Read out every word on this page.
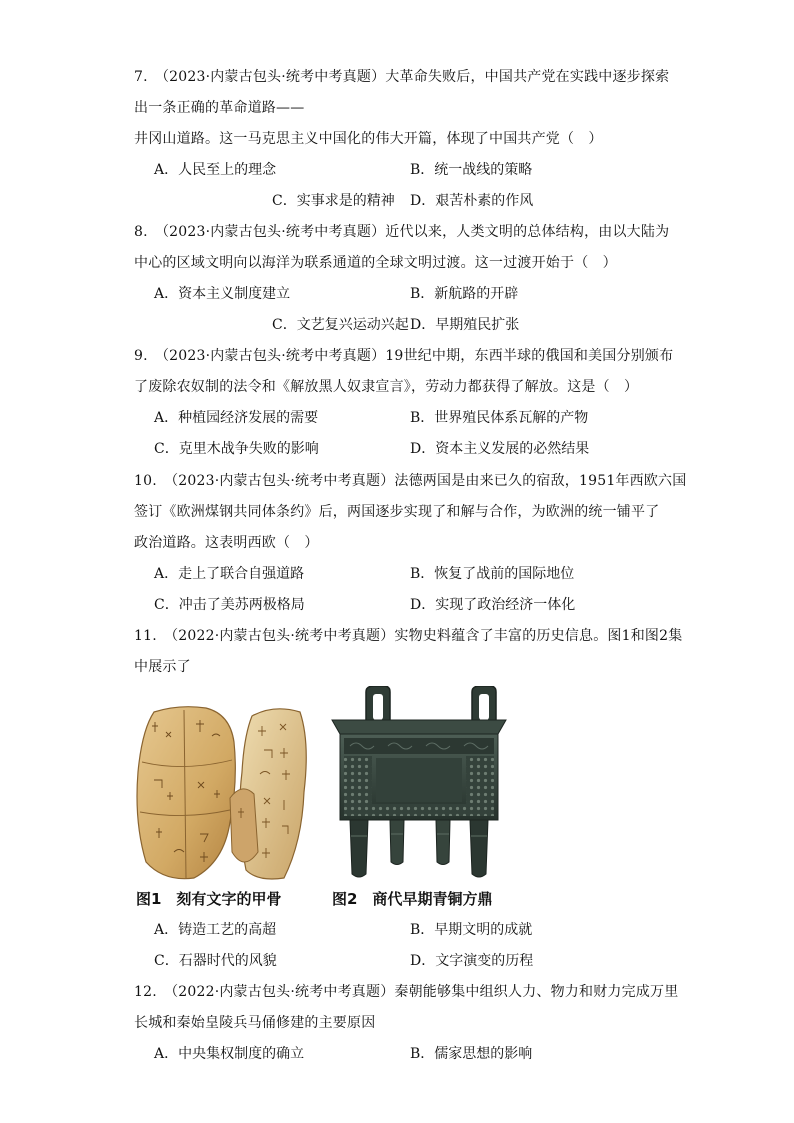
7.　（2023·内蒙古包头·统考中考真题）大革命失败后，中国共产党在实践中逐步探索
出一条正确的革命道路——
井冈山道路。这一马克思主义中国化的伟大开篇，体现了中国共产党（　）
A．人民至上的理念	B．统一战线的策略
C．实事求是的精神 D．艰苦朴素的作风
8.　（2023·内蒙古包头·统考中考真题）近代以来，人类文明的总体结构，由以大陆为
中心的区域文明向以海洋为联系通道的全球文明过渡。这一过渡开始于（　）
A．资本主义制度建立	B．新航路的开辟
C．文艺复兴运动兴起 D．早期殖民扩张
9.　（2023·内蒙古包头·统考中考真题）19世纪中期，东西半球的俄国和美国分别颁布
了废除农奴制的法令和《解放黑人奴隶宣言》，劳动力都获得了解放。这是（　）
A．种植园经济发展的需要	B．世界殖民体系瓦解的产物
C．克里木战争失败的影响	D．资本主义发展的必然结果
10.　（2023·内蒙古包头·统考中考真题）法德两国是由来已久的宿敌，1951年西欧六国
签订《欧洲煤钢共同体条约》后，两国逐步实现了和解与合作，为欧洲的统一铺平了
政治道路。这表明西欧（　）
A．走上了联合自强道路	B．恢复了战前的国际地位
C．冲击了美苏两极格局	D．实现了政治经济一体化
11.　（2022·内蒙古包头·统考中考真题）实物史料蕴含了丰富的历史信息。图1和图2集
中展示了
图1　刻有文字的甲骨	图2　商代早期青铜方鼎
A．铸造工艺的高超	B．早期文明的成就
C．石器时代的风貌	D．文字演变的历程
12.　（2022·内蒙古包头·统考中考真题）秦朝能够集中组织人力、物力和财力完成万里
长城和秦始皇陵兵马俑修建的主要原因
A．中央集权制度的确立	B．儒家思想的影响
